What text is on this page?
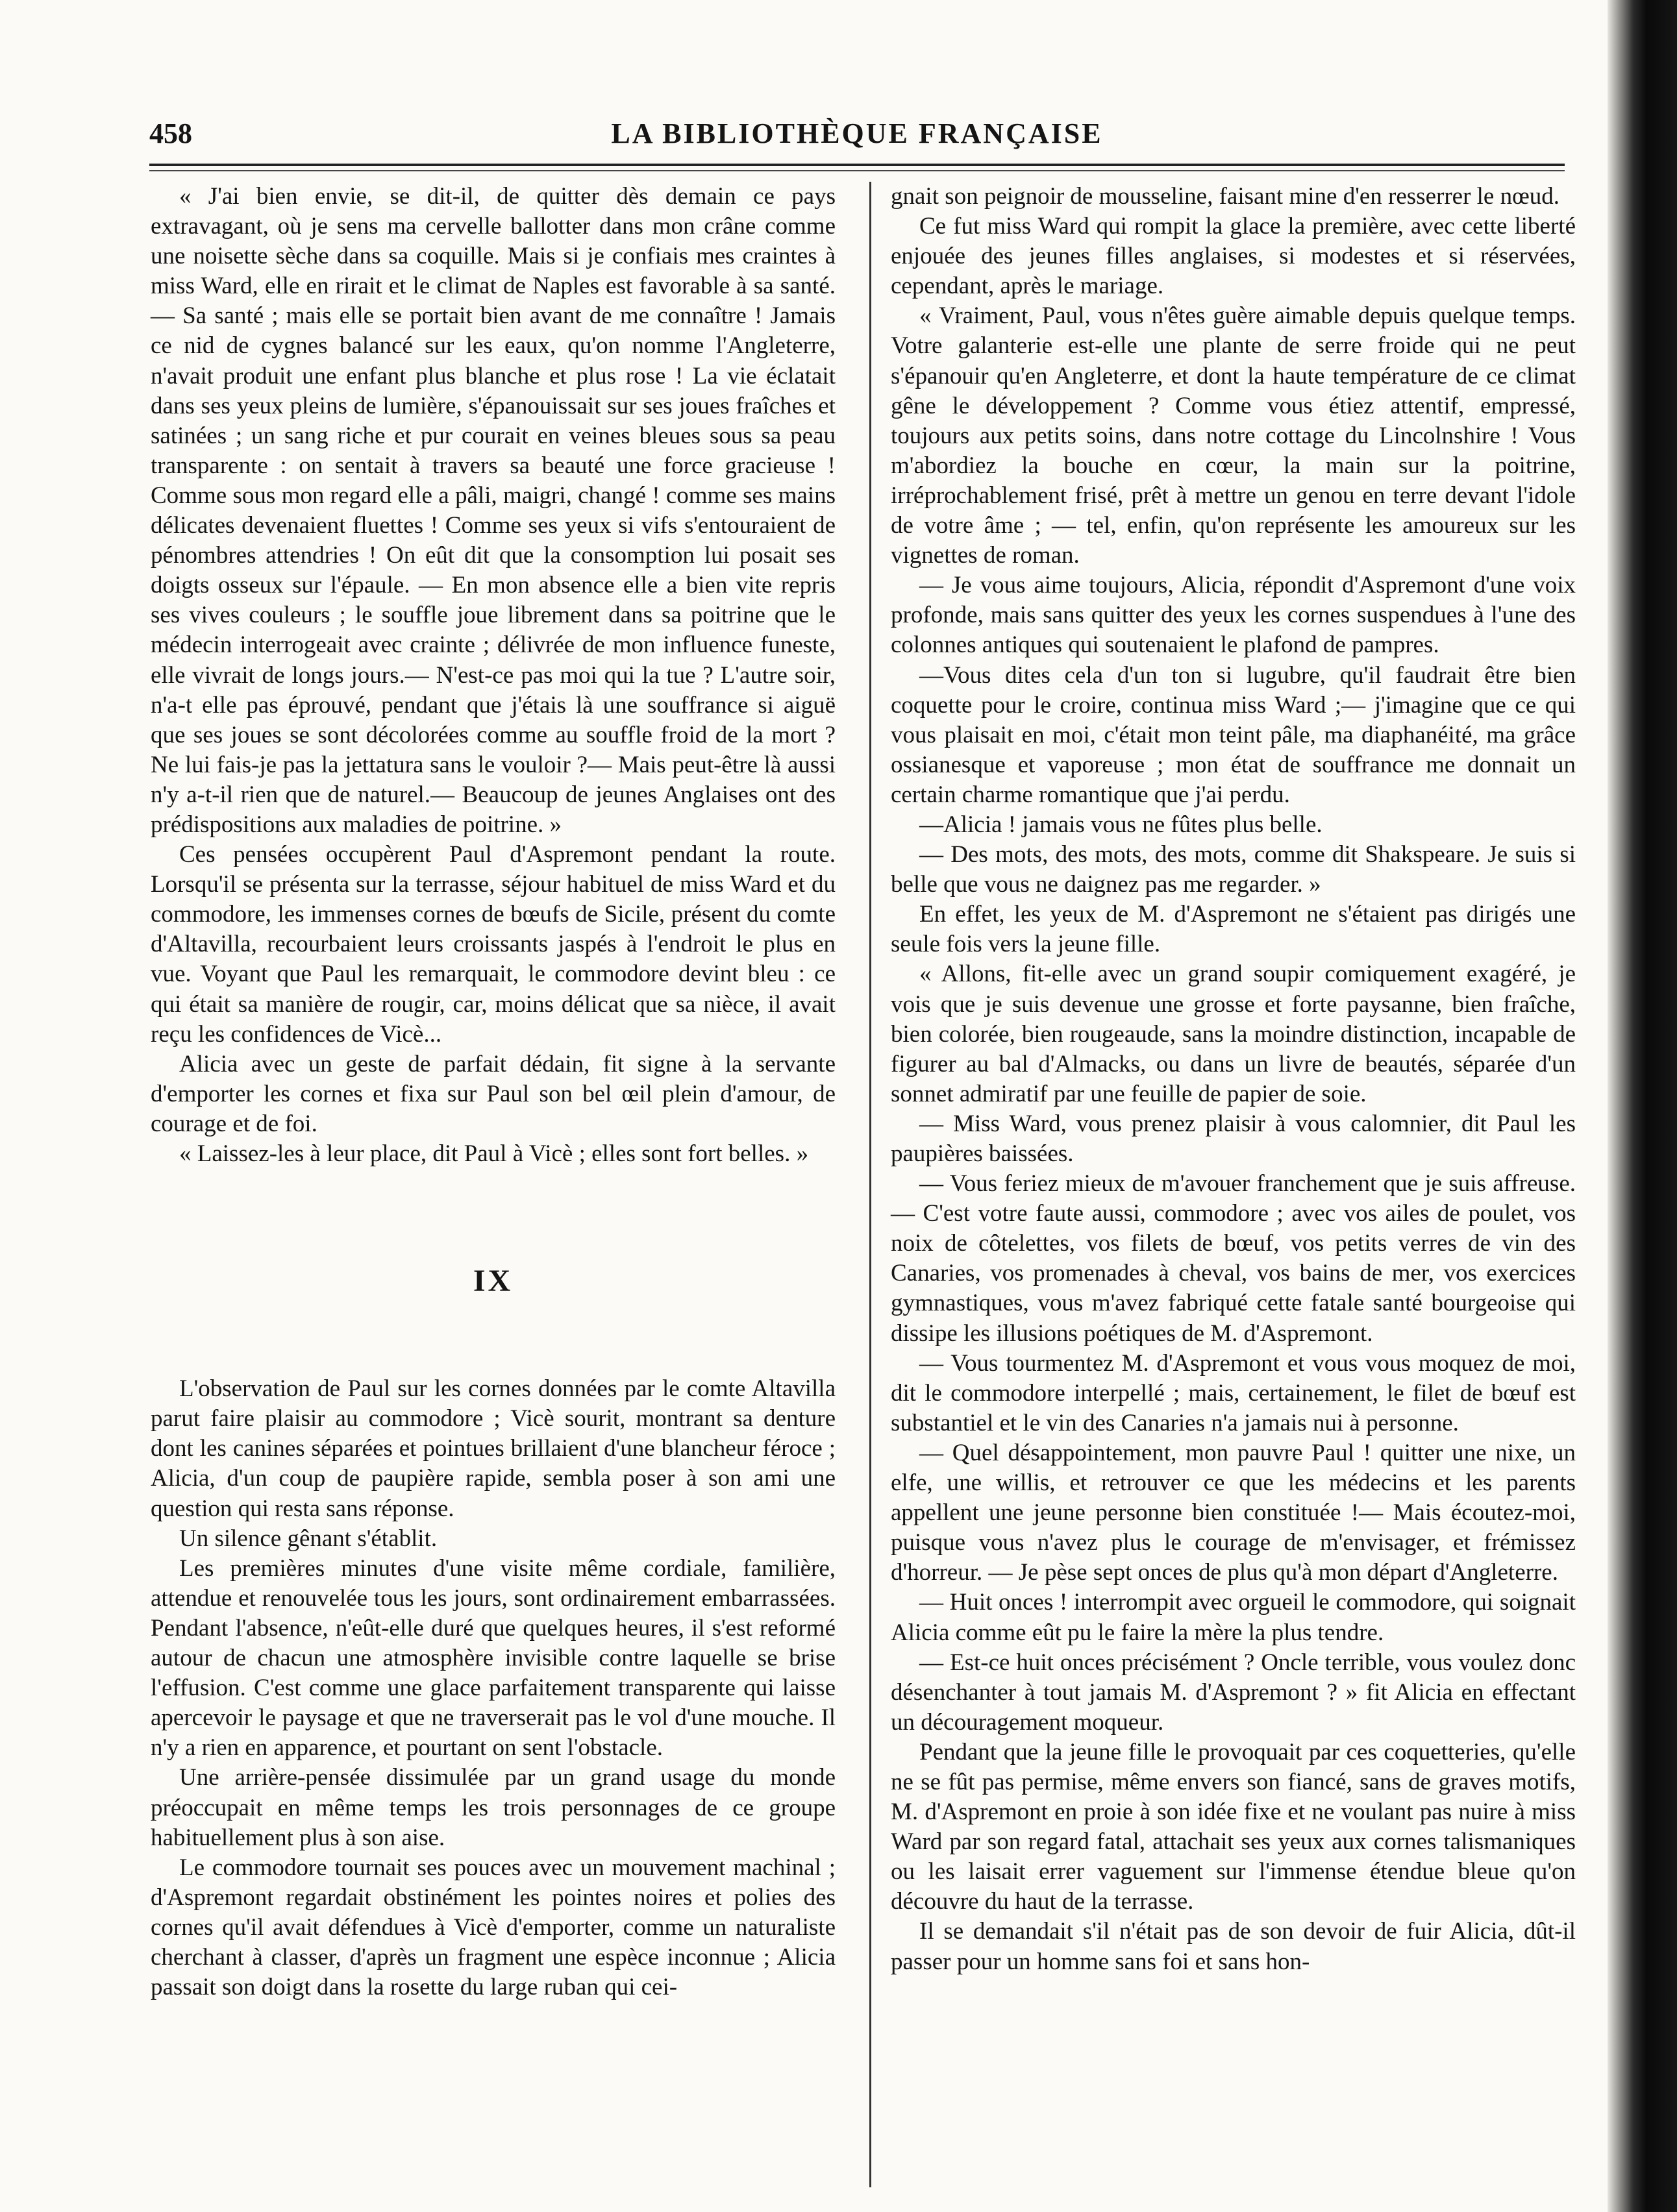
458	LA BIBLIOTHÈQUE FRANÇAISE

« J'ai bien envie, se dit-il, de quitter dès demain ce pays extravagant, où je sens ma cervelle ballotter dans mon crâne comme une noisette sèche dans sa coquille. Mais si je confiais mes craintes à miss Ward, elle en rirait et le climat de Naples est favorable à sa santé.— Sa santé ; mais elle se portait bien avant de me connaître ! Jamais ce nid de cygnes balancé sur les eaux, qu'on nomme l'Angleterre, n'avait produit une enfant plus blanche et plus rose ! La vie éclatait dans ses yeux pleins de lumière, s'épanouissait sur ses joues fraîches et satinées ; un sang riche et pur courait en veines bleues sous sa peau transparente : on sentait à travers sa beauté une force gracieuse ! Comme sous mon regard elle a pâli, maigri, changé ! comme ses mains délicates devenaient fluettes ! Comme ses yeux si vifs s'entouraient de pénombres attendries ! On eût dit que la consomption lui posait ses doigts osseux sur l'épaule. — En mon absence elle a bien vite repris ses vives couleurs ; le souffle joue librement dans sa poitrine que le médecin interrogeait avec crainte ; délivrée de mon influence funeste, elle vivrait de longs jours.— N'est-ce pas moi qui la tue ? L'autre soir, n'a-t elle pas éprouvé, pendant que j'étais là une souffrance si aiguë que ses joues se sont décolorées comme au souffle froid de la mort ? Ne lui fais-je pas la jettatura sans le vouloir ?— Mais peut-être là aussi n'y a-t-il rien que de naturel.— Beaucoup de jeunes Anglaises ont des prédispositions aux maladies de poitrine. »

Ces pensées occupèrent Paul d'Aspremont pendant la route. Lorsqu'il se présenta sur la terrasse, séjour habituel de miss Ward et du commodore, les immenses cornes de bœufs de Sicile, présent du comte d'Altavilla, recourbaient leurs croissants jaspés à l'endroit le plus en vue. Voyant que Paul les remarquait, le commodore devint bleu : ce qui était sa manière de rougir, car, moins délicat que sa nièce, il avait reçu les confidences de Vicè...

Alicia avec un geste de parfait dédain, fit signe à la servante d'emporter les cornes et fixa sur Paul son bel œil plein d'amour, de courage et de foi.

« Laissez-les à leur place, dit Paul à Vicè ; elles sont fort belles. »

IX

L'observation de Paul sur les cornes données par le comte Altavilla parut faire plaisir au commodore ; Vicè sourit, montrant sa denture dont les canines séparées et pointues brillaient d'une blancheur féroce ; Alicia, d'un coup de paupière rapide, sembla poser à son ami une question qui resta sans réponse.

Un silence gênant s'établit.

Les premières minutes d'une visite même cordiale, familière, attendue et renouvelée tous les jours, sont ordinairement embarrassées. Pendant l'absence, n'eût-elle duré que quelques heures, il s'est reformé autour de chacun une atmosphère invisible contre laquelle se brise l'effusion. C'est comme une glace parfaitement transparente qui laisse apercevoir le paysage et que ne traverserait pas le vol d'une mouche. Il n'y a rien en apparence, et pourtant on sent l'obstacle.

Une arrière-pensée dissimulée par un grand usage du monde préoccupait en même temps les trois personnages de ce groupe habituellement plus à son aise.

Le commodore tournait ses pouces avec un mouvement machinal ; d'Aspremont regardait obstinément les pointes noires et polies des cornes qu'il avait défendues à Vicè d'emporter, comme un naturaliste cherchant à classer, d'après un fragment une espèce inconnue ; Alicia passait son doigt dans la rosette du large ruban qui cei-

gnait son peignoir de mousseline, faisant mine d'en resserrer le nœud.

Ce fut miss Ward qui rompit la glace la première, avec cette liberté enjouée des jeunes filles anglaises, si modestes et si réservées, cependant, après le mariage.

« Vraiment, Paul, vous n'êtes guère aimable depuis quelque temps. Votre galanterie est-elle une plante de serre froide qui ne peut s'épanouir qu'en Angleterre, et dont la haute température de ce climat gêne le développement ? Comme vous étiez attentif, empressé, toujours aux petits soins, dans notre cottage du Lincolnshire ! Vous m'abordiez la bouche en cœur, la main sur la poitrine, irréprochablement frisé, prêt à mettre un genou en terre devant l'idole de votre âme ; — tel, enfin, qu'on représente les amoureux sur les vignettes de roman.

— Je vous aime toujours, Alicia, répondit d'Aspremont d'une voix profonde, mais sans quitter des yeux les cornes suspendues à l'une des colonnes antiques qui soutenaient le plafond de pampres.

—Vous dites cela d'un ton si lugubre, qu'il faudrait être bien coquette pour le croire, continua miss Ward ;— j'imagine que ce qui vous plaisait en moi, c'était mon teint pâle, ma diaphanéité, ma grâce ossianesque et vaporeuse ; mon état de souffrance me donnait un certain charme romantique que j'ai perdu.

—Alicia ! jamais vous ne fûtes plus belle.

— Des mots, des mots, des mots, comme dit Shakspeare. Je suis si belle que vous ne daignez pas me regarder. »

En effet, les yeux de M. d'Aspremont ne s'étaient pas dirigés une seule fois vers la jeune fille.

« Allons, fit-elle avec un grand soupir comiquement exagéré, je vois que je suis devenue une grosse et forte paysanne, bien fraîche, bien colorée, bien rougeaude, sans la moindre distinction, incapable de figurer au bal d'Almacks, ou dans un livre de beautés, séparée d'un sonnet admiratif par une feuille de papier de soie.

— Miss Ward, vous prenez plaisir à vous calomnier, dit Paul les paupières baissées.

— Vous feriez mieux de m'avouer franchement que je suis affreuse.— C'est votre faute aussi, commodore ; avec vos ailes de poulet, vos noix de côtelettes, vos filets de bœuf, vos petits verres de vin des Canaries, vos promenades à cheval, vos bains de mer, vos exercices gymnastiques, vous m'avez fabriqué cette fatale santé bourgeoise qui dissipe les illusions poétiques de M. d'Aspremont.

— Vous tourmentez M. d'Aspremont et vous vous moquez de moi, dit le commodore interpellé ; mais, certainement, le filet de bœuf est substantiel et le vin des Canaries n'a jamais nui à personne.

— Quel désappointement, mon pauvre Paul ! quitter une nixe, un elfe, une willis, et retrouver ce que les médecins et les parents appellent une jeune personne bien constituée !— Mais écoutez-moi, puisque vous n'avez plus le courage de m'envisager, et frémissez d'horreur. — Je pèse sept onces de plus qu'à mon départ d'Angleterre.

— Huit onces ! interrompit avec orgueil le commodore, qui soignait Alicia comme eût pu le faire la mère la plus tendre.

— Est-ce huit onces précisément ? Oncle terrible, vous voulez donc désenchanter à tout jamais M. d'Aspremont ? » fit Alicia en effectant un découragement moqueur.

Pendant que la jeune fille le provoquait par ces coquetteries, qu'elle ne se fût pas permise, même envers son fiancé, sans de graves motifs, M. d'Aspremont en proie à son idée fixe et ne voulant pas nuire à miss Ward par son regard fatal, attachait ses yeux aux cornes talismaniques ou les laisait errer vaguement sur l'immense étendue bleue qu'on découvre du haut de la terrasse.

Il se demandait s'il n'était pas de son devoir de fuir Alicia, dût-il passer pour un homme sans foi et sans hon-
